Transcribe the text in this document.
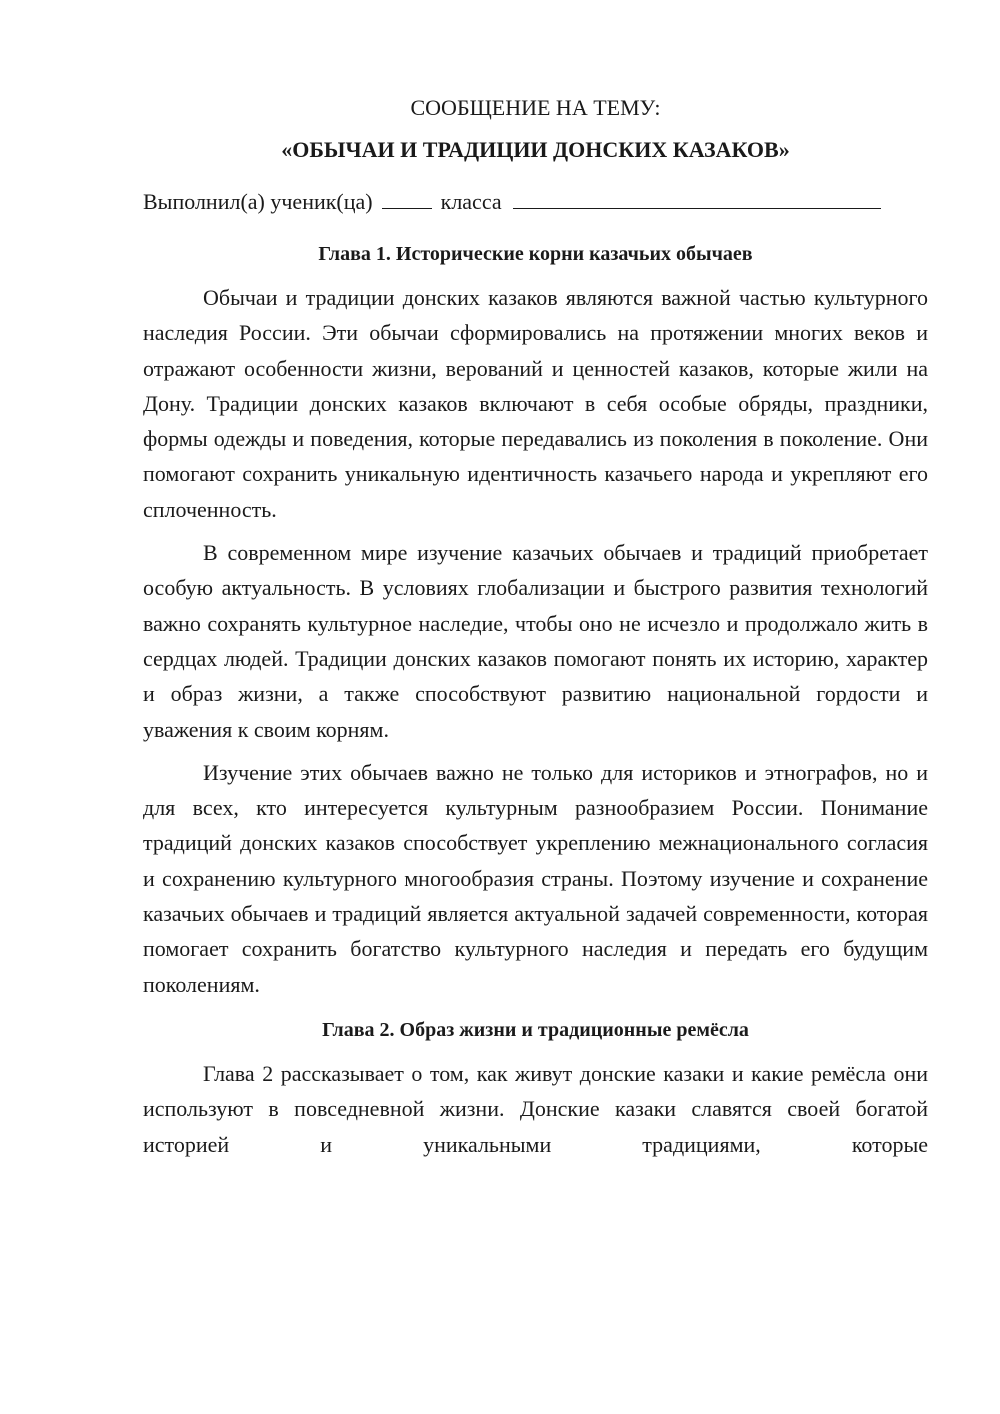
СООБЩЕНИЕ НА ТЕМУ:

«ОБЫЧАИ И ТРАДИЦИИ ДОНСКИХ КАЗАКОВ»

Выполнил(а) ученик(ца)	класса

Глава 1. Исторические корни казачьих обычаев

Обычаи и традиции донских казаков являются важной частью культурного наследия России. Эти обычаи сформировались на протяжении многих веков и отражают особенности жизни, верований и ценностей казаков, которые жили на Дону. Традиции донских казаков включают в себя особые обряды, праздники, формы одежды и поведения, которые передавались из поколения в поколение. Они помогают сохранить уникальную идентичность казачьего народа и укрепляют его сплоченность.

В современном мире изучение казачьих обычаев и традиций приобретает особую актуальность. В условиях глобализации и быстрого развития технологий важно сохранять культурное наследие, чтобы оно не исчезло и продолжало жить в сердцах людей. Традиции донских казаков помогают понять их историю, характер и образ жизни, а также способствуют развитию национальной гордости и уважения к своим корням.

Изучение этих обычаев важно не только для историков и этнографов, но и для всех, кто интересуется культурным разнообразием России. Понимание традиций донских казаков способствует укреплению межнационального согласия и сохранению культурного многообразия страны. Поэтому изучение и сохранение казачьих обычаев и традиций является актуальной задачей современности, которая помогает сохранить богатство культурного наследия и передать его будущим поколениям.

Глава 2. Образ жизни и традиционные ремёсла

Глава 2 рассказывает о том, как живут донские казаки и какие ремёсла они используют в повседневной жизни. Донские казаки славятся своей богатой историей и уникальными традициями, которые
